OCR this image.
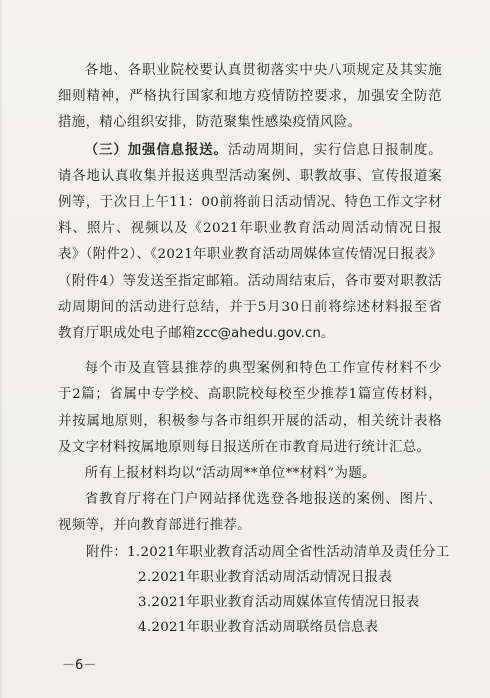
各地、各职业院校要认真贯彻落实中央八项规定及其实施细则精神，严格执行国家和地方疫情防控要求，加强安全防范措施，精心组织安排，防范聚集性感染疫情风险。

（三）加强信息报送。活动周期间，实行信息日报制度。请各地认真收集并报送典型活动案例、职教故事、宣传报道案例等，于次日上午11：00前将前日活动情况、特色工作文字材料、照片、视频以及《2021年职业教育活动周活动情况日报表》（附件2）、《2021年职业教育活动周媒体宣传情况日报表》（附件4）等发送至指定邮箱。活动周结束后，各市要对职教活动周期间的活动进行总结，并于5月30日前将综述材料报至省教育厅职成处电子邮箱zcc@ahedu.gov.cn。

每个市及直管县推荐的典型案例和特色工作宣传材料不少于2篇；省属中专学校、高职院校每校至少推荐1篇宣传材料，并按属地原则，积极参与各市组织开展的活动，相关统计表格及文字材料按属地原则每日报送所在市教育局进行统计汇总。

所有上报材料均以“活动周**单位**材料”为题。

省教育厅将在门户网站择优选登各地报送的案例、图片、视频等，并向教育部进行推荐。

附件：1.2021年职业教育活动周全省性活动清单及责任分工
2.2021年职业教育活动周活动情况日报表
3.2021年职业教育活动周媒体宣传情况日报表
4.2021年职业教育活动周联络员信息表
－6－
